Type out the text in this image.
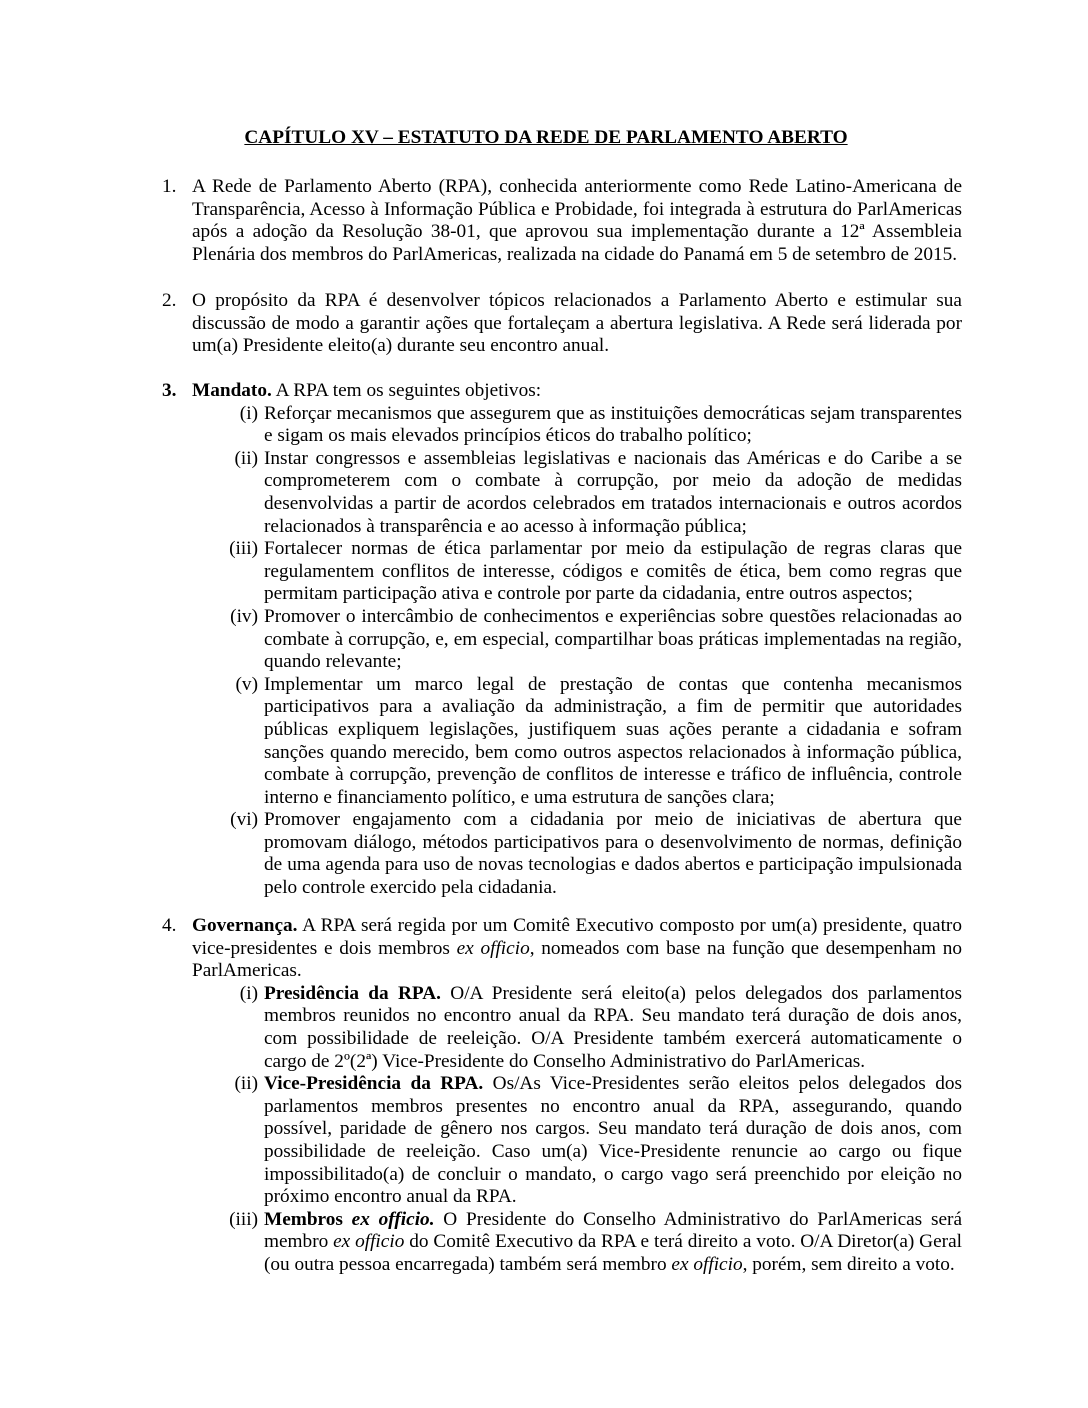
CAPÍTULO XV – ESTATUTO DA REDE DE PARLAMENTO ABERTO
1. A Rede de Parlamento Aberto (RPA), conhecida anteriormente como Rede Latino-Americana de Transparência, Acesso à Informação Pública e Probidade, foi integrada à estrutura do ParlAmericas após a adoção da Resolução 38-01, que aprovou sua implementação durante a 12ª Assembleia Plenária dos membros do ParlAmericas, realizada na cidade do Panamá em 5 de setembro de 2015.

2. O propósito da RPA é desenvolver tópicos relacionados a Parlamento Aberto e estimular sua discussão de modo a garantir ações que fortaleçam a abertura legislativa. A Rede será liderada por um(a) Presidente eleito(a) durante seu encontro anual.

3. Mandato. A RPA tem os seguintes objetivos:

(i) Reforçar mecanismos que assegurem que as instituições democráticas sejam transparentes e sigam os mais elevados princípios éticos do trabalho político;
(ii) Instar congressos e assembleias legislativas e nacionais das Américas e do Caribe a se comprometerem com o combate à corrupção, por meio da adoção de medidas desenvolvidas a partir de acordos celebrados em tratados internacionais e outros acordos relacionados à transparência e ao acesso à informação pública;
(iii) Fortalecer normas de ética parlamentar por meio da estipulação de regras claras que regulamentem conflitos de interesse, códigos e comitês de ética, bem como regras que permitam participação ativa e controle por parte da cidadania, entre outros aspectos;
(iv) Promover o intercâmbio de conhecimentos e experiências sobre questões relacionadas ao combate à corrupção, e, em especial, compartilhar boas práticas implementadas na região, quando relevante;
(v) Implementar um marco legal de prestação de contas que contenha mecanismos participativos para a avaliação da administração, a fim de permitir que autoridades públicas expliquem legislações, justifiquem suas ações perante a cidadania e sofram sanções quando merecido, bem como outros aspectos relacionados à informação pública, combate à corrupção, prevenção de conflitos de interesse e tráfico de influência, controle interno e financiamento político, e uma estrutura de sanções clara;
(vi) Promover engajamento com a cidadania por meio de iniciativas de abertura que promovam diálogo, métodos participativos para o desenvolvimento de normas, definição de uma agenda para uso de novas tecnologias e dados abertos e participação impulsionada pelo controle exercido pela cidadania.
4. Governança. A RPA será regida por um Comitê Executivo composto por um(a) presidente, quatro vice-presidentes e dois membros ex officio, nomeados com base na função que desempenham no ParlAmericas.

(i) Presidência da RPA. O/A Presidente será eleito(a) pelos delegados dos parlamentos membros reunidos no encontro anual da RPA. Seu mandato terá duração de dois anos, com possibilidade de reeleição. O/A Presidente também exercerá automaticamente o cargo de 2º(2ª) Vice-Presidente do Conselho Administrativo do ParlAmericas.
(ii) Vice-Presidência da RPA. Os/As Vice-Presidentes serão eleitos pelos delegados dos parlamentos membros presentes no encontro anual da RPA, assegurando, quando possível, paridade de gênero nos cargos. Seu mandato terá duração de dois anos, com possibilidade de reeleição. Caso um(a) Vice-Presidente renuncie ao cargo ou fique impossibilitado(a) de concluir o mandato, o cargo vago será preenchido por eleição no próximo encontro anual da RPA.
(iii) Membros ex officio. O Presidente do Conselho Administrativo do ParlAmericas será membro ex officio do Comitê Executivo da RPA e terá direito a voto. O/A Diretor(a) Geral (ou outra pessoa encarregada) também será membro ex officio, porém, sem direito a voto.
